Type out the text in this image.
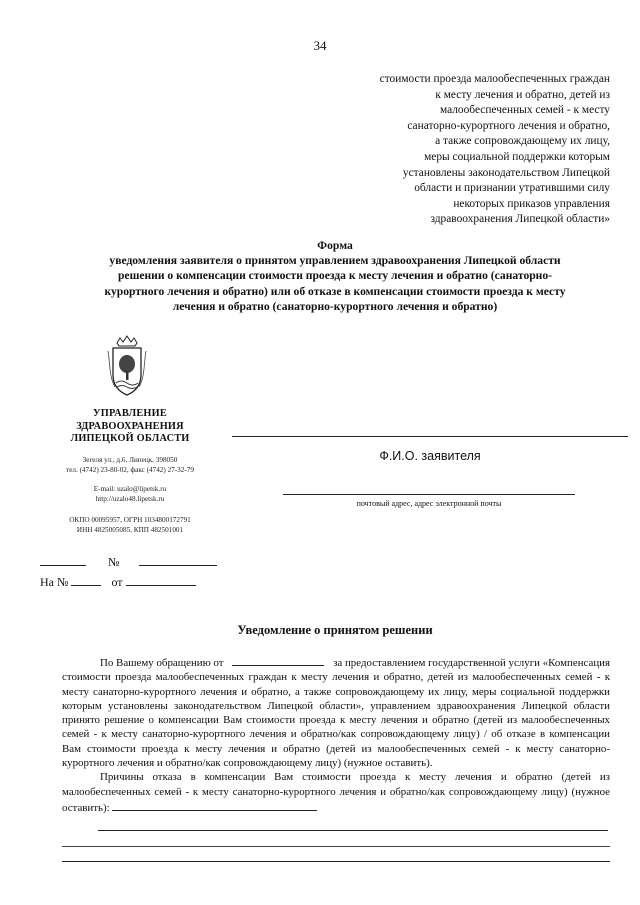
34
стоимости проезда малообеспеченных граждан
к месту лечения и обратно, детей из
малообеспеченных семей - к месту
санаторно-курортного лечения и обратно,
а также сопровождающему их лицу,
меры социальной поддержки которым
установлены законодательством Липецкой
области и признании утратившими силу
некоторых приказов управления
здравоохранения Липецкой области»
Форма
уведомления заявителя о принятом управлением здравоохранения Липецкой области
решении о компенсации стоимости проезда к месту лечения и обратно (санаторно-
курортного лечения и обратно) или об отказе в компенсации стоимости проезда к месту
лечения и обратно (санаторно-курортного лечения и обратно)
УПРАВЛЕНИЕ
ЗДРАВООХРАНЕНИЯ
ЛИПЕЦКОЙ ОБЛАСТИ
Зегеля ул., д.6, Липецк, 398050
тел. (4742) 23-80-02, факс (4742) 27-32-79
E-mail: uzalo@lipetsk.ru
http://uzalo48.lipetsk.ru
ОКПО 00095957, ОГРН 1034800172791
ИНН 4825005085, КПП 482501001
Ф.И.О. заявителя
почтовый адрес, адрес электронной почты
№
На №	от
Уведомление о принятом решении

По Вашему обращению от	за предоставлением государственной услуги «Компенсация стоимости проезда малообеспеченных граждан к месту лечения и обратно, детей из малообеспеченных семей - к месту санаторно-курортного лечения и обратно, а также сопровождающему их лицу, меры социальной поддержки которым установлены законодательством Липецкой области», управлением здравоохранения Липецкой области принято решение о компенсации Вам стоимости проезда к месту лечения и обратно (детей из малообеспеченных семей - к месту санаторно-курортного лечения и обратно/как сопровождающему лицу) / об отказе в компенсации Вам стоимости проезда к месту лечения и обратно (детей из малообеспеченных семей - к месту санаторно-курортного лечения и обратно/как сопровождающему лицу) (нужное оставить).

Причины отказа в компенсации Вам стоимости проезда к месту лечения и обратно (детей из малообеспеченных семей - к месту санаторно-курортного лечения и обратно/как сопровождающему лицу) (нужное оставить):
